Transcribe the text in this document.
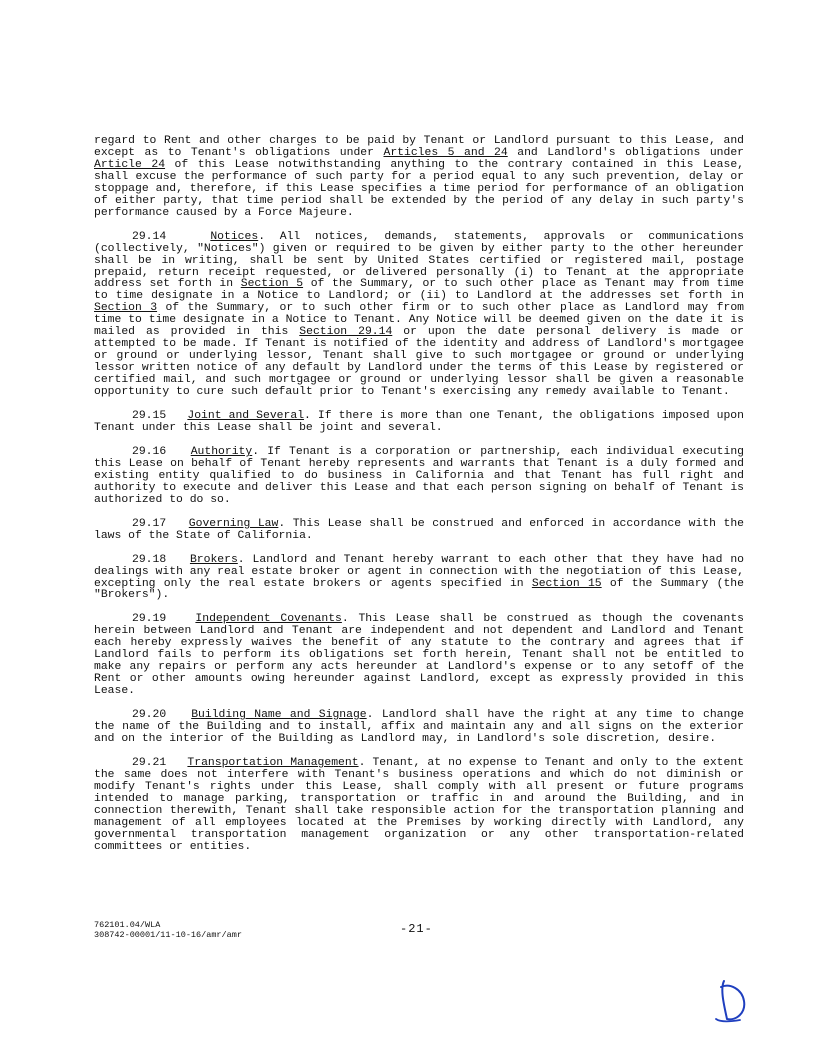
regard to Rent and other charges to be paid by Tenant or Landlord pursuant to this Lease, and except as to Tenant's obligations under Articles 5 and 24 and Landlord's obligations under Article 24 of this Lease notwithstanding anything to the contrary contained in this Lease, shall excuse the performance of such party for a period equal to any such prevention, delay or stoppage and, therefore, if this Lease specifies a time period for performance of an obligation of either party, that time period shall be extended by the period of any delay in such party's performance caused by a Force Majeure.

29.14	Notices. All notices, demands, statements, approvals or communications (collectively, "Notices") given or required to be given by either party to the other hereunder shall be in writing, shall be sent by United States certified or registered mail, postage prepaid, return receipt requested, or delivered personally (i) to Tenant at the appropriate address set forth in Section 5 of the Summary, or to such other place as Tenant may from time to time designate in a Notice to Landlord; or (ii) to Landlord at the addresses set forth in Section 3 of the Summary, or to such other firm or to such other place as Landlord may from time to time designate in a Notice to Tenant. Any Notice will be deemed given on the date it is mailed as provided in this Section 29.14 or upon the date personal delivery is made or attempted to be made. If Tenant is notified of the identity and address of Landlord's mortgagee or ground or underlying lessor, Tenant shall give to such mortgagee or ground or underlying lessor written notice of any default by Landlord under the terms of this Lease by registered or certified mail, and such mortgagee or ground or underlying lessor shall be given a reasonable opportunity to cure such default prior to Tenant's exercising any remedy available to Tenant.

29.15 Joint and Several. If there is more than one Tenant, the obligations imposed upon Tenant under this Lease shall be joint and several.

29.16 Authority. If Tenant is a corporation or partnership, each individual executing this Lease on behalf of Tenant hereby represents and warrants that Tenant is a duly formed and existing entity qualified to do business in California and that Tenant has full right and authority to execute and deliver this Lease and that each person signing on behalf of Tenant is authorized to do so.

29.17 Governing Law. This Lease shall be construed and enforced in accordance with the laws of the State of California.

29.18 Brokers. Landlord and Tenant hereby warrant to each other that they have had no dealings with any real estate broker or agent in connection with the negotiation of this Lease, excepting only the real estate brokers or agents specified in Section 15 of the Summary (the "Brokers").

29.19	Independent Covenants. This Lease shall be construed as though the covenants herein between Landlord and Tenant are independent and not dependent and Landlord and Tenant each hereby expressly waives the benefit of any statute to the contrary and agrees that if Landlord fails to perform its obligations set forth herein, Tenant shall not be entitled to make any repairs or perform any acts hereunder at Landlord's expense or to any setoff of the Rent or other amounts owing hereunder against Landlord, except as expressly provided in this Lease.

29.20 Building Name and Signage. Landlord shall have the right at any time to change the name of the Building and to install, affix and maintain any and all signs on the exterior and on the interior of the Building as Landlord may, in Landlord's sole discretion, desire.

29.21 Transportation Management. Tenant, at no expense to Tenant and only to the extent the same does not interfere with Tenant's business operations and which do not diminish or modify Tenant's rights under this Lease, shall comply with all present or future programs intended to manage parking, transportation or traffic in and around the Building, and in connection therewith, Tenant shall take responsible action for the transportation planning and management of all employees located at the Premises by working directly with Landlord, any governmental transportation management organization or any other transportation-related committees or entities.

762101.04/WLA
308742-00001/11-10-16/amr/amr	-21-
